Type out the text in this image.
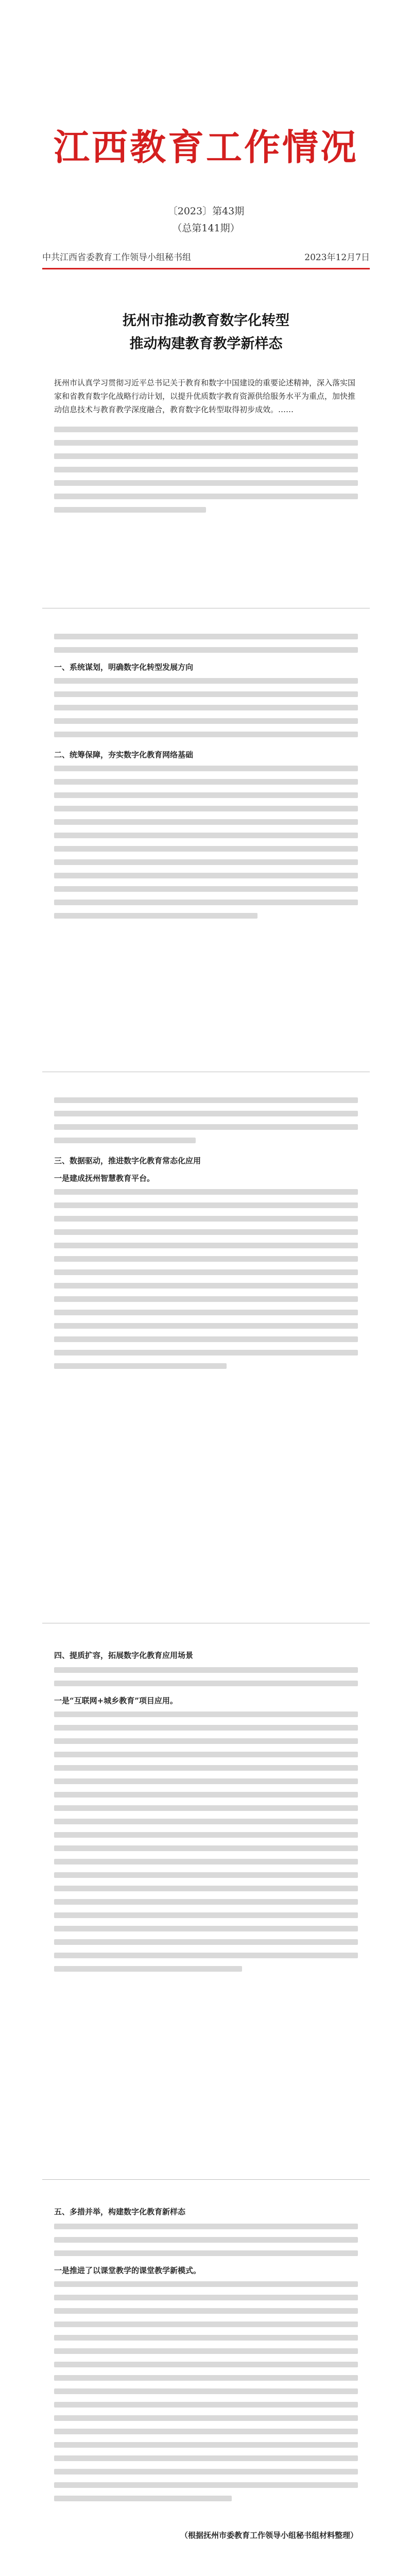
江西教育工作情况
〔2023〕第43期
（总第141期）
中共江西省委教育工作领导小组秘书组	2023年12月7日
抚州市推动教育数字化转型
推动构建教育教学新样态
抚州市认真学习贯彻习近平总书记关于教育和数字中国建设的重要论述精神，深入落实国家和省教育数字化战略行动计划，以提升优质数字教育资源供给服务水平为重点，加快推动信息技术与教育教学深度融合，教育数字化转型取得初步成效。……
一、系统谋划，明确数字化转型发展方向
二、统筹保障，夯实数字化教育网络基础
三、数据驱动，推进数字化教育常态化应用
一是建成抚州智慧教育平台。
四、提质扩容，拓展数字化教育应用场景
一是“互联网+城乡教育”项目应用。
五、多措并举，构建数字化教育新样态
一是推进了以课堂教学的课堂教学新模式。
（根据抚州市委教育工作领导小组秘书组材料整理）
